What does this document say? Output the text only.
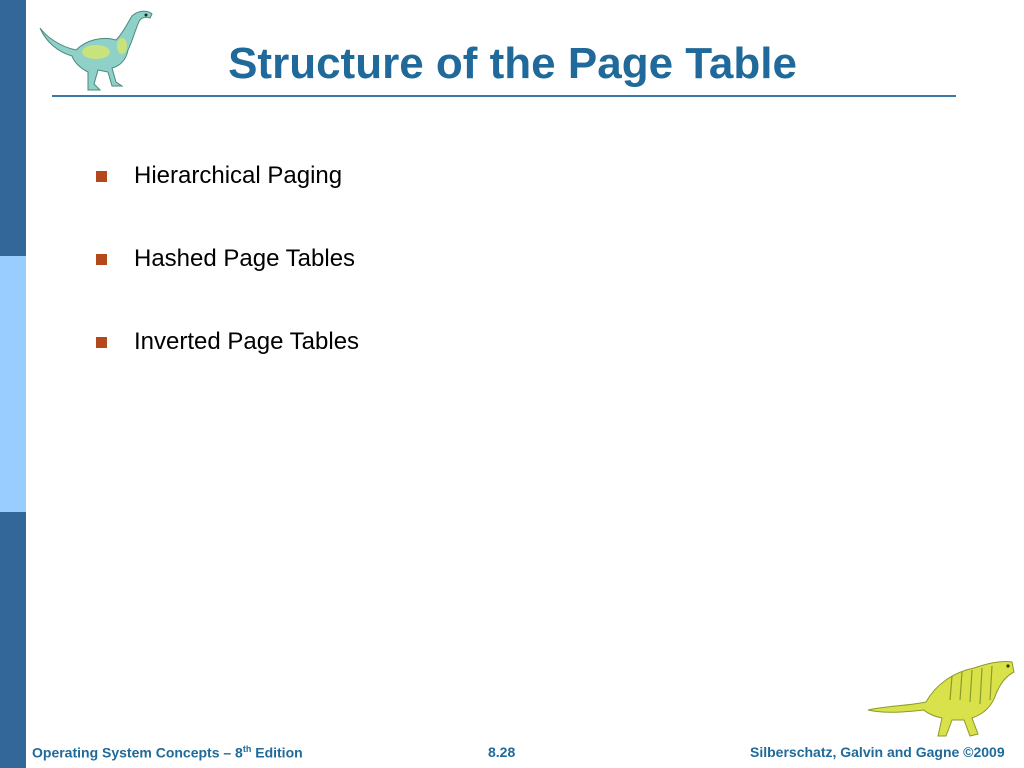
Structure of the Page Table
Hierarchical Paging
Hashed Page Tables
Inverted Page Tables
Operating System Concepts – 8th Edition	8.28	Silberschatz, Galvin and Gagne ©2009
